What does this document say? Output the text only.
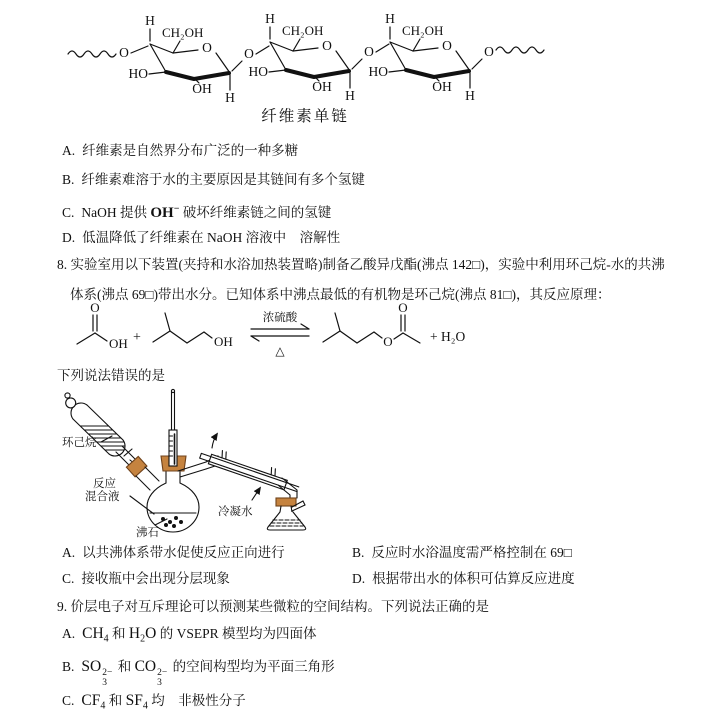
O
H
CH₂OH
O
HO
OH
H
O
H
CH₂OH
O
HO
OH
H
O
H
CH₂OH
O
HO
OH
H
O
纤维素单链
A. 纤维素是自然界分布广泛的一种多糖
B. 纤维素难溶于水的主要原因是其链间有多个氢键
C. NaOH 提供 OH− 破坏纤维素链之间的氢键
D. 低温降低了纤维素在 NaOH 溶液中　溶解性
8. 实验室用以下装置(夹持和水浴加热装置略)制备乙酸异戊酯(沸点 142□)，实验中利用环己烷-水的共沸
体系(沸点 69□)带出水分。已知体系中沸点最低的有机物是环己烷(沸点 81□)，其反应原理：
O
OH +	OH
浓硫酸
△
O
O
+ H₂O
下列说法错误的是
环己烷
反应
混合液
沸石
冷凝水
A. 以共沸体系带水促使反应正向进行	B. 反应时水浴温度需严格控制在 69□
C. 接收瓶中会出现分层现象	D. 根据带出水的体积可估算反应进度
9. 价层电子对互斥理论可以预测某些微粒的空间结构。下列说法正确的是
A. $CH_4$ 和 $H_2O$ 的 VSEPR 模型均为四面体
B. SO 2−
3
和 CO 2−
3
的空间构型均为平面三角形
C. $CF_4$ 和 $SF_4$ 均　非极性分子
